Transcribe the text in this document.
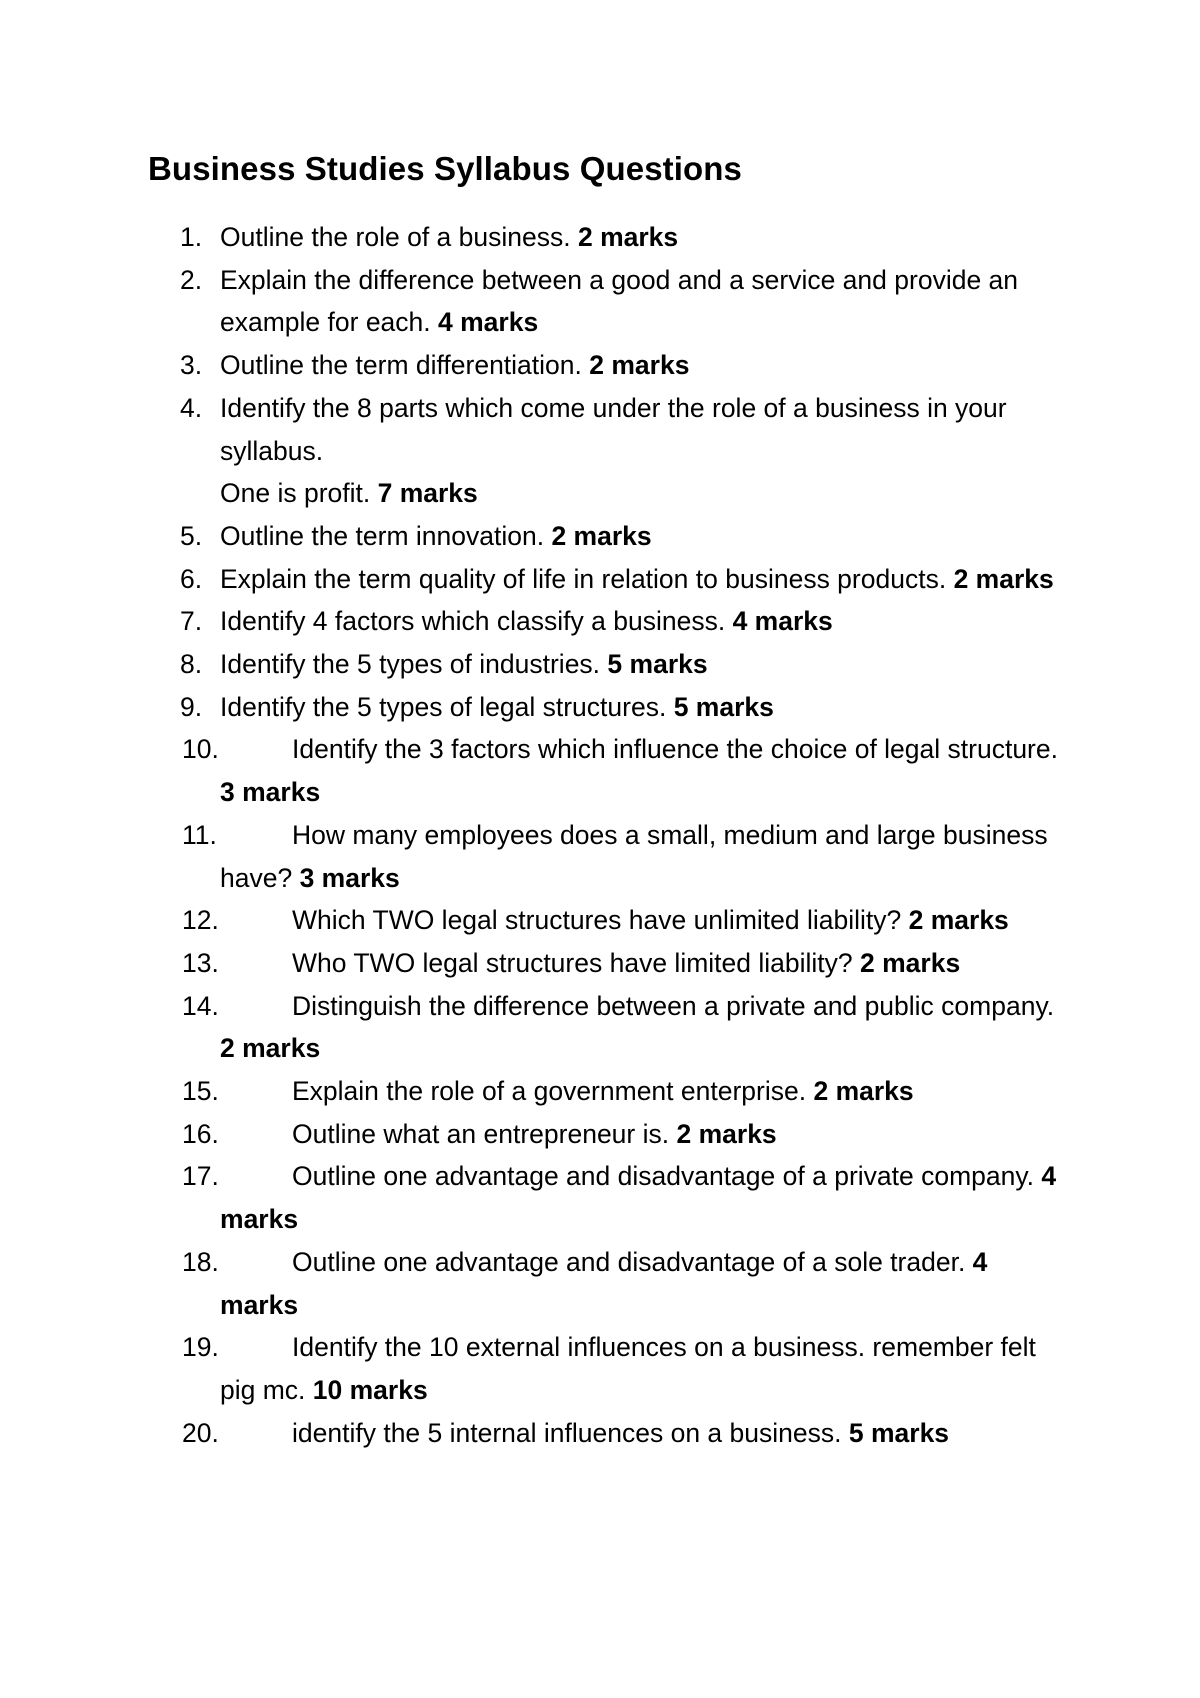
Business Studies Syllabus Questions
1. Outline the role of a business. 2 marks
2. Explain the difference between a good and a service and provide an example for each. 4 marks
3. Outline the term differentiation. 2 marks
4. Identify the 8 parts which come under the role of a business in your syllabus.
One is profit. 7 marks
5. Outline the term innovation. 2 marks
6. Explain the term quality of life in relation to business products. 2 marks
7. Identify 4 factors which classify a business. 4 marks
8. Identify the 5 types of industries. 5 marks
9. Identify the 5 types of legal structures. 5 marks
10.	Identify the 3 factors which influence the choice of legal structure. 3 marks
11.	How many employees does a small, medium and large business have? 3 marks
12.	Which TWO legal structures have unlimited liability? 2 marks
13.	Who TWO legal structures have limited liability? 2 marks
14.	Distinguish the difference between a private and public company. 2 marks
15.	Explain the role of a government enterprise. 2 marks
16.	Outline what an entrepreneur is. 2 marks
17.	Outline one advantage and disadvantage of a private company. 4 marks
18.	Outline one advantage and disadvantage of a sole trader. 4 marks
19.	Identify the 10 external influences on a business. remember felt pig mc. 10 marks
20.	identify the 5 internal influences on a business. 5 marks
